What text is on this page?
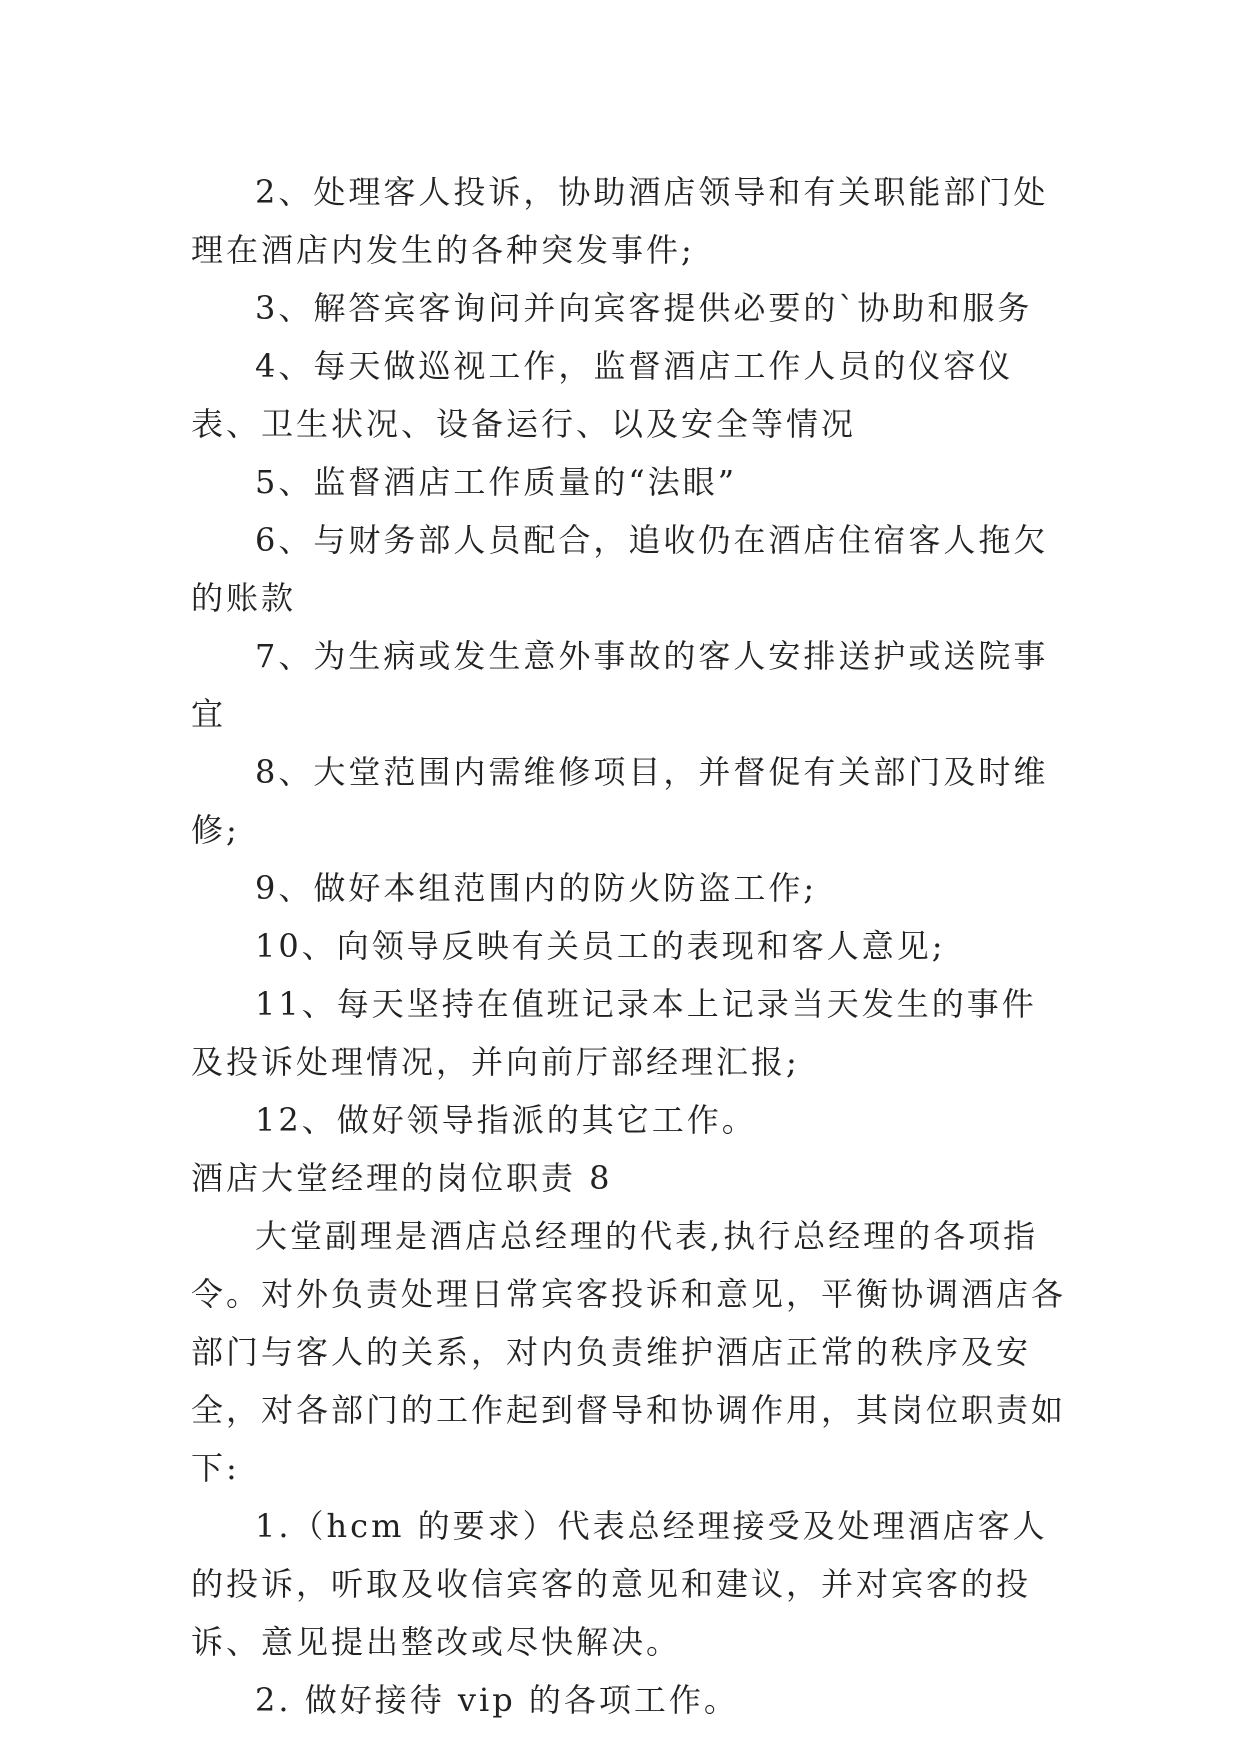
2、处理客人投诉，协助酒店领导和有关职能部门处理在酒店内发生的各种突发事件;

3、解答宾客询问并向宾客提供必要的`协助和服务

4、每天做巡视工作，监督酒店工作人员的仪容仪表、卫生状况、设备运行、以及安全等情况

5、监督酒店工作质量的“法眼”

6、与财务部人员配合，追收仍在酒店住宿客人拖欠的账款

7、为生病或发生意外事故的客人安排送护或送院事宜

8、大堂范围内需维修项目，并督促有关部门及时维修;

9、做好本组范围内的防火防盗工作;

10、向领导反映有关员工的表现和客人意见;

11、每天坚持在值班记录本上记录当天发生的事件及投诉处理情况，并向前厅部经理汇报;

12、做好领导指派的其它工作。

酒店大堂经理的岗位职责 8

大堂副理是酒店总经理的代表,执行总经理的各项指令。对外负责处理日常宾客投诉和意见，平衡协调酒店各部门与客人的关系，对内负责维护酒店正常的秩序及安全，对各部门的工作起到督导和协调作用，其岗位职责如下:

1.（hcm 的要求）代表总经理接受及处理酒店客人的投诉，听取及收信宾客的意见和建议，并对宾客的投诉、意见提出整改或尽快解决。

2. 做好接待 vip 的各项工作。
